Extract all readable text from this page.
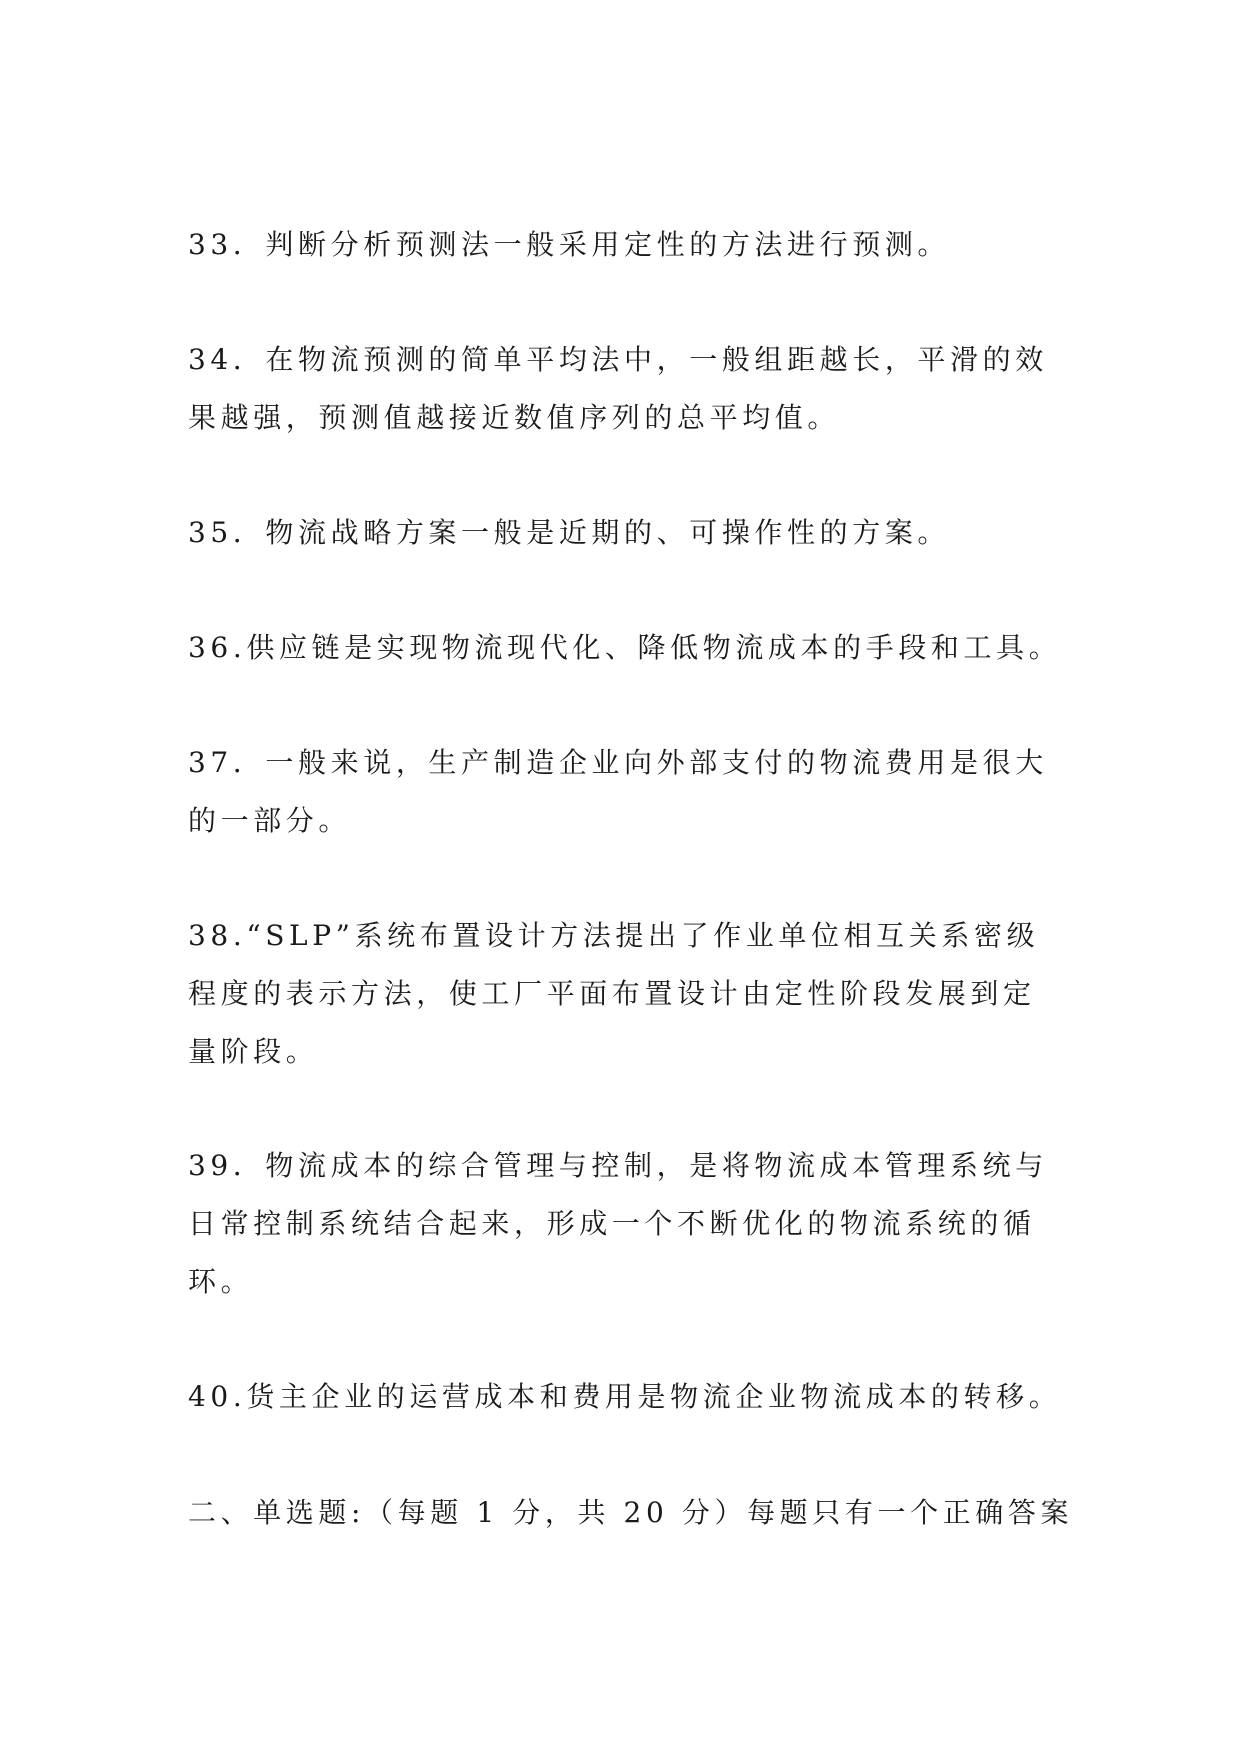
33．判断分析预测法一般采用定性的方法进行预测。
34．在物流预测的简单平均法中，一般组距越长，平滑的效
果越强，预测值越接近数值序列的总平均值。
35．物流战略方案一般是近期的、可操作性的方案。
36.供应链是实现物流现代化、降低物流成本的手段和工具。
37．一般来说，生产制造企业向外部支付的物流费用是很大
的一部分。
38.“SLP”系统布置设计方法提出了作业单位相互关系密级
程度的表示方法，使工厂平面布置设计由定性阶段发展到定
量阶段。
39．物流成本的综合管理与控制，是将物流成本管理系统与
日常控制系统结合起来，形成一个不断优化的物流系统的循
环。
40.货主企业的运营成本和费用是物流企业物流成本的转移。
二、单选题:（每题 1 分，共 20 分）每题只有一个正确答案
